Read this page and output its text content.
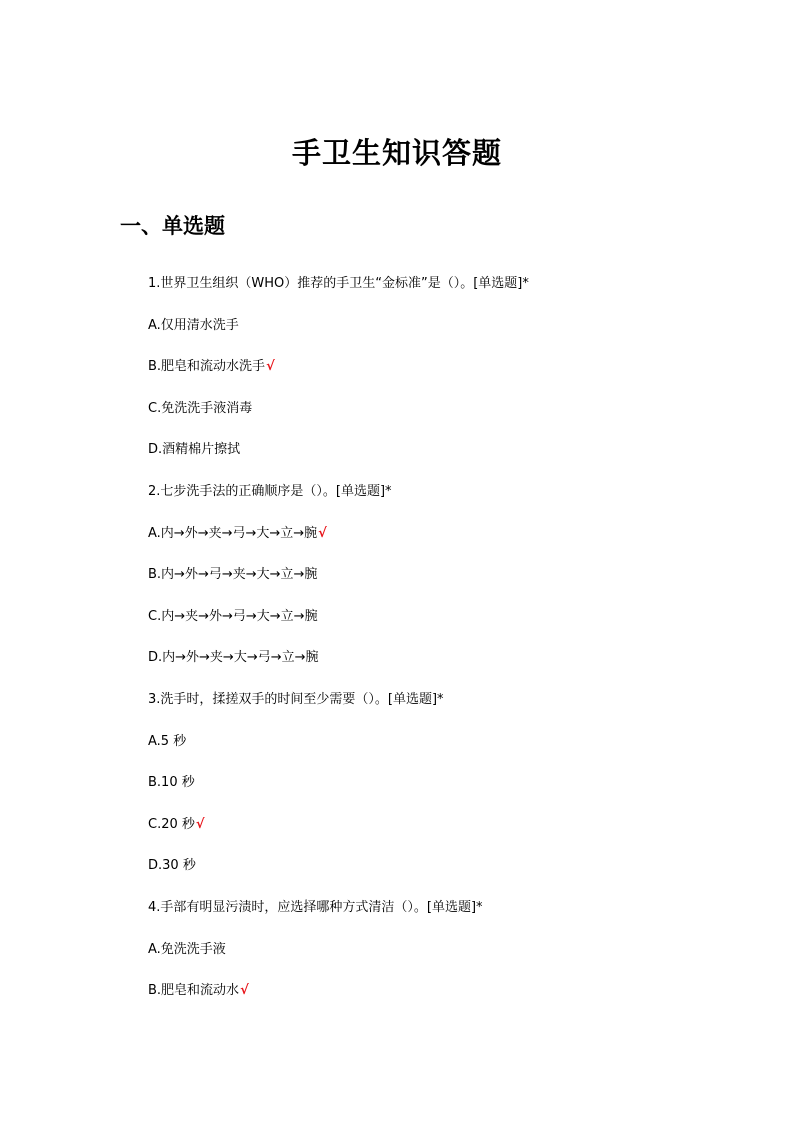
手卫生知识答题
一、单选题
1.世界卫生组织（WHO）推荐的手卫生“金标准”是（）。[单选题]*
A.仅用清水洗手
B.肥皂和流动水洗手√
C.免洗洗手液消毒
D.酒精棉片擦拭
2.七步洗手法的正确顺序是（）。[单选题]*
A.内→外→夹→弓→大→立→腕√
B.内→外→弓→夹→大→立→腕
C.内→夹→外→弓→大→立→腕
D.内→外→夹→大→弓→立→腕
3.洗手时，揉搓双手的时间至少需要（）。[单选题]*
A.5 秒
B.10 秒
C.20 秒√
D.30 秒
4.手部有明显污渍时，应选择哪种方式清洁（）。[单选题]*
A.免洗洗手液
B.肥皂和流动水√
